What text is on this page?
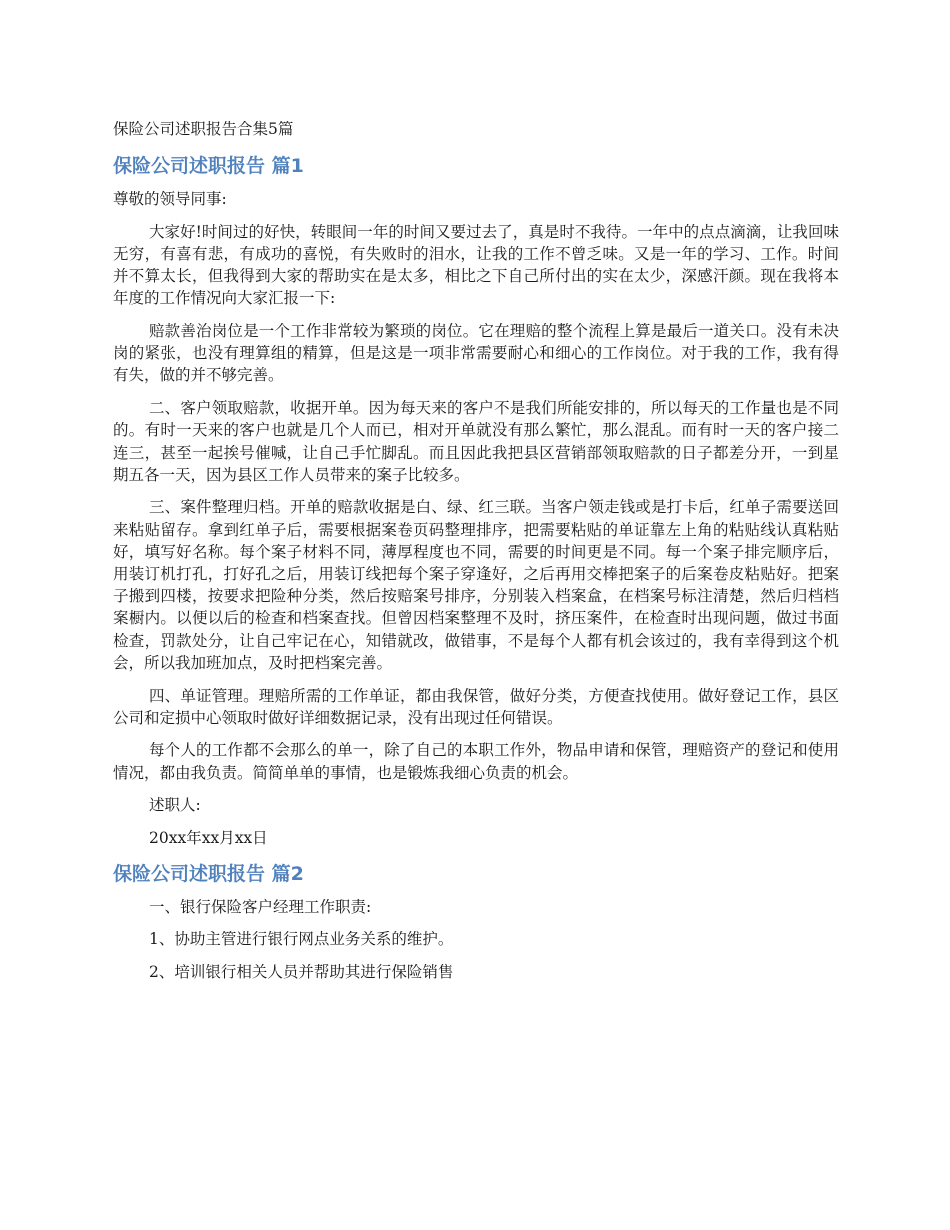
保险公司述职报告合集5篇
保险公司述职报告 篇1

尊敬的领导同事:

大家好!时间过的好快，转眼间一年的时间又要过去了，真是时不我待。一年中的点点滴滴，让我回味无穷，有喜有悲，有成功的喜悦，有失败时的泪水，让我的工作不曾乏味。又是一年的学习、工作。时间并不算太长，但我得到大家的帮助实在是太多，相比之下自己所付出的实在太少，深感汗颜。现在我将本年度的工作情况向大家汇报一下:

赔款善治岗位是一个工作非常较为繁琐的岗位。它在理赔的整个流程上算是最后一道关口。没有未决岗的紧张，也没有理算组的精算，但是这是一项非常需要耐心和细心的工作岗位。对于我的工作，我有得有失，做的并不够完善。

二、客户领取赔款，收据开单。因为每天来的客户不是我们所能安排的，所以每天的工作量也是不同的。有时一天来的客户也就是几个人而已，相对开单就没有那么繁忙，那么混乱。而有时一天的客户接二连三，甚至一起挨号催喊，让自己手忙脚乱。而且因此我把县区营销部领取赔款的日子都差分开，一到星期五各一天，因为县区工作人员带来的案子比较多。

三、案件整理归档。开单的赔款收据是白、绿、红三联。当客户领走钱或是打卡后，红单子需要送回来粘贴留存。拿到红单子后，需要根据案卷页码整理排序，把需要粘贴的单证靠左上角的粘贴线认真粘贴好，填写好名称。每个案子材料不同，薄厚程度也不同，需要的时间更是不同。每一个案子排完顺序后，用装订机打孔，打好孔之后，用装订线把每个案子穿逢好，之后再用交棒把案子的后案卷皮粘贴好。把案子搬到四楼，按要求把险种分类，然后按赔案号排序，分别装入档案盒，在档案号标注清楚，然后归档档案橱内。以便以后的检查和档案查找。但曾因档案整理不及时，挤压案件，在检查时出现问题，做过书面检查，罚款处分，让自己牢记在心，知错就改，做错事，不是每个人都有机会该过的，我有幸得到这个机会，所以我加班加点，及时把档案完善。

四、单证管理。理赔所需的工作单证，都由我保管，做好分类，方便查找使用。做好登记工作，县区公司和定损中心领取时做好详细数据记录，没有出现过任何错误。

每个人的工作都不会那么的单一，除了自己的本职工作外，物品申请和保管，理赔资产的登记和使用情况，都由我负责。简简单单的事情，也是锻炼我细心负责的机会。

述职人:

20xx年xx月xx日

保险公司述职报告 篇2

一、银行保险客户经理工作职责:

1、协助主管进行银行网点业务关系的维护。

2、培训银行相关人员并帮助其进行保险销售
